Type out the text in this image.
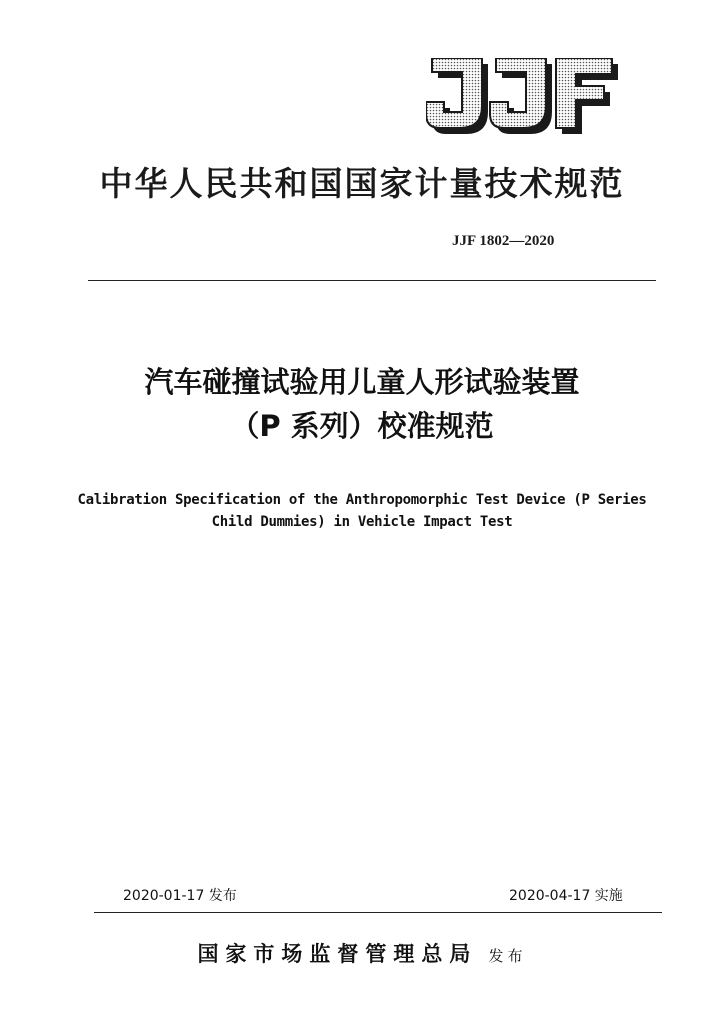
中华人民共和国国家计量技术规范
JJF 1802—2020
汽车碰撞试验用儿童人形试验装置
（P 系列）校准规范
Calibration Specification of the Anthropomorphic Test Device (P Series
Child Dummies) in Vehicle Impact Test
2020-01-17 发布	2020-04-17 实施
国家市场监督管理总局 发布
